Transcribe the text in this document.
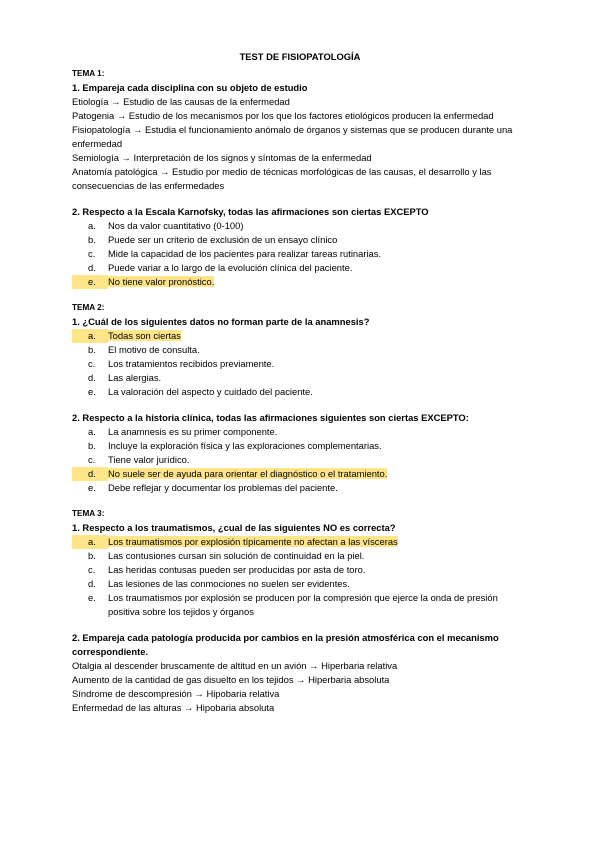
TEST DE FISIOPATOLOGÍA

TEMA 1:

1. Empareja cada disciplina con su objeto de estudio

Etiología → Estudio de las causas de la enfermedad

Patogenia → Estudio de los mecanismos por los que los factores etiológicos producen la enfermedad

Fisiopatología → Estudia el funcionamiento anómalo de órganos y sistemas que se producen durante una

enfermedad

Semiología → Interpretación de los signos y síntomas de la enfermedad

Anatomía patológica → Estudio por medio de técnicas morfológicas de las causas, el desarrollo y las

consecuencias de las enfermedades

2. Respecto a la Escala Karnofsky, todas las afirmaciones son ciertas EXCEPTO

a.	Nos da valor cuantitativo (0-100)
b.	Puede ser un criterio de exclusión de un ensayo clínico
c.	Mide la capacidad de los pacientes para realizar tareas rutinarias.
d.	Puede variar a lo largo de la evolución clínica del paciente.
e.	No tiene valor pronóstico.

TEMA 2:

1. ¿Cuál de los siguientes datos no forman parte de la anamnesis?

a.	Todas son ciertas
b.	El motivo de consulta.
c.	Los tratamientos recibidos previamente.
d.	Las alergias.
e.	La valoración del aspecto y cuidado del paciente.

2. Respecto a la historia clínica, todas las afirmaciones siguientes son ciertas EXCEPTO:

a.	La anamnesis es su primer componente.
b.	Incluye la exploración física y las exploraciones complementarias.
c.	Tiene valor jurídico.
d.	No suele ser de ayuda para orientar el diagnóstico o el tratamiento.
e.	Debe reflejar y documentar los problemas del paciente.

TEMA 3:

1. Respecto a los traumatismos, ¿cual de las siguientes NO es correcta?

a.	Los traumatismos por explosión típicamente no afectan a las vísceras
b.	Las contusiones cursan sin solución de continuidad en la piel.
c.	Las heridas contusas pueden ser producidas por asta de toro.
d.	Las lesiones de las conmociones no suelen ser evidentes.
e.	Los traumatismos por explosión se producen por la compresión que ejerce la onda de presión
positiva sobre los tejidos y órganos

2. Empareja cada patología producida por cambios en la presión atmosférica con el mecanismo

correspondiente.

Otalgia al descender bruscamente de altitud en un avión → Hiperbaria relativa

Aumento de la cantidad de gas disuelto en los tejidos → Hiperbaria absoluta

Síndrome de descompresión → Hipobaria relativa

Enfermedad de las alturas → Hipobaria absoluta
